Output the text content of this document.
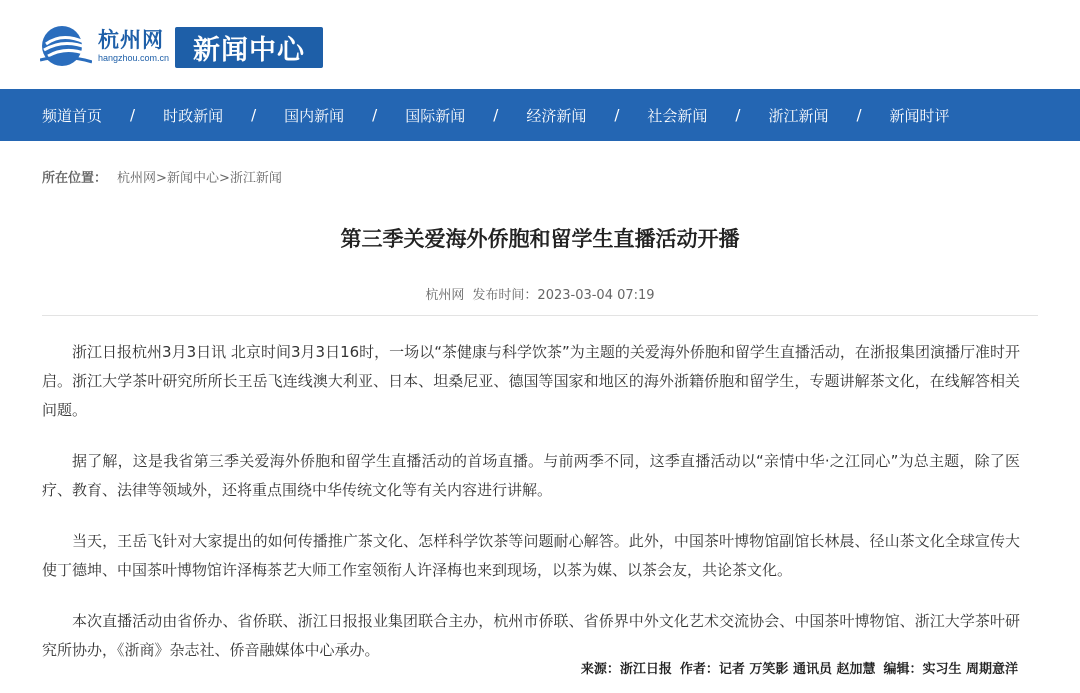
杭州网
hangzhou.com.cn 新闻中心
频道首页 / 时政新闻 / 国内新闻 / 国际新闻 / 经济新闻 / 社会新闻 / 浙江新闻 / 新闻时评
所在位置： 杭州网>新闻中心>浙江新闻
第三季关爱海外侨胞和留学生直播活动开播
杭州网 发布时间：2023-03-04 07:19

浙江日报杭州3月3日讯 北京时间3月3日16时，一场以“茶健康与科学饮茶”为主题的关爱海外侨胞和留学生直播活动，在浙报集团演播厅准时开启。浙江大学茶叶研究所所长王岳飞连线澳大利亚、日本、坦桑尼亚、德国等国家和地区的海外浙籍侨胞和留学生，专题讲解茶文化，在线解答相关问题。

据了解，这是我省第三季关爱海外侨胞和留学生直播活动的首场直播。与前两季不同，这季直播活动以“亲情中华·之江同心”为总主题，除了医疗、教育、法律等领域外，还将重点围绕中华传统文化等有关内容进行讲解。

当天，王岳飞针对大家提出的如何传播推广茶文化、怎样科学饮茶等问题耐心解答。此外，中国茶叶博物馆副馆长林晨、径山茶文化全球宣传大使丁德坤、中国茶叶博物馆许泽梅茶艺大师工作室领衔人许泽梅也来到现场，以茶为媒、以茶会友，共论茶文化。

本次直播活动由省侨办、省侨联、浙江日报报业集团联合主办，杭州市侨联、省侨界中外文化艺术交流协会、中国茶叶博物馆、浙江大学茶叶研究所协办，《浙商》杂志社、侨音融媒体中心承办。

来源：浙江日报 作者：记者 万笑影 通讯员 赵加慧 编辑：实习生 周期意洋
